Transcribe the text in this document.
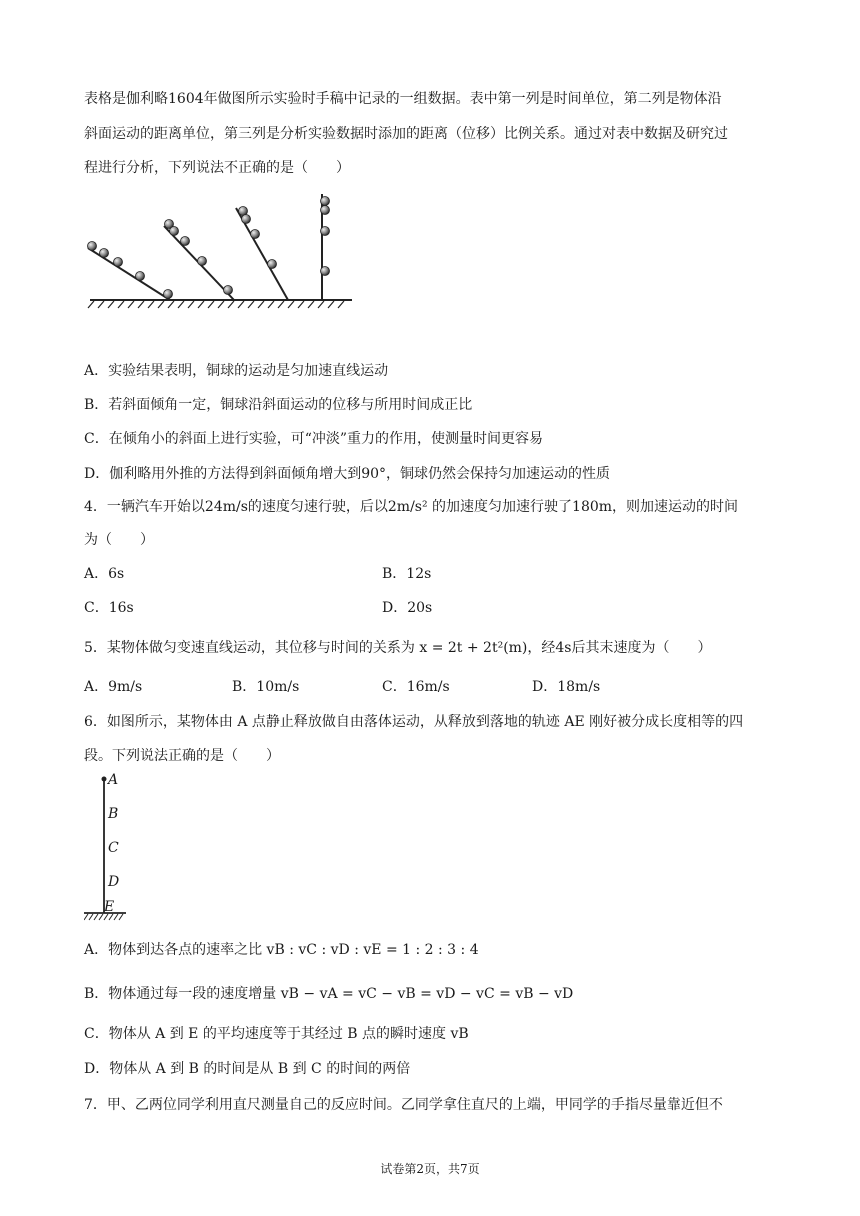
表格是伽利略1604年做图所示实验时手稿中记录的一组数据。表中第一列是时间单位，第二列是物体沿
斜面运动的距离单位，第三列是分析实验数据时添加的距离（位移）比例关系。通过对表中数据及研究过
程进行分析，下列说法不正确的是（　　）
A．实验结果表明，铜球的运动是匀加速直线运动
B．若斜面倾角一定，铜球沿斜面运动的位移与所用时间成正比
C．在倾角小的斜面上进行实验，可“冲淡”重力的作用，使测量时间更容易
D．伽利略用外推的方法得到斜面倾角增大到90°，铜球仍然会保持匀加速运动的性质
4．一辆汽车开始以24m/s的速度匀速行驶，后以2m/s² 的加速度匀加速行驶了180m，则加速运动的时间
为（　　）
A．6s	B．12s
C．16s	D．20s
5．某物体做匀变速直线运动，其位移与时间的关系为 x = 2t + 2t²(m)，经4s后其末速度为（　　）
A．9m/s	B．10m/s	C．16m/s	D．18m/s
6．如图所示，某物体由 A 点静止释放做自由落体运动，从释放到落地的轨迹 AE 刚好被分成长度相等的四
段。下列说法正确的是（　　）
A
B
C
D
E
A．物体到达各点的速率之比 vB : vC : vD : vE = 1 : 2 : 3 : 4
B．物体通过每一段的速度增量 vB − vA = vC − vB = vD − vC = vB − vD
C．物体从 A 到 E 的平均速度等于其经过 B 点的瞬时速度 vB
D．物体从 A 到 B 的时间是从 B 到 C 的时间的两倍
7．甲、乙两位同学利用直尺测量自己的反应时间。乙同学拿住直尺的上端，甲同学的手指尽量靠近但不
试卷第2页，共7页
